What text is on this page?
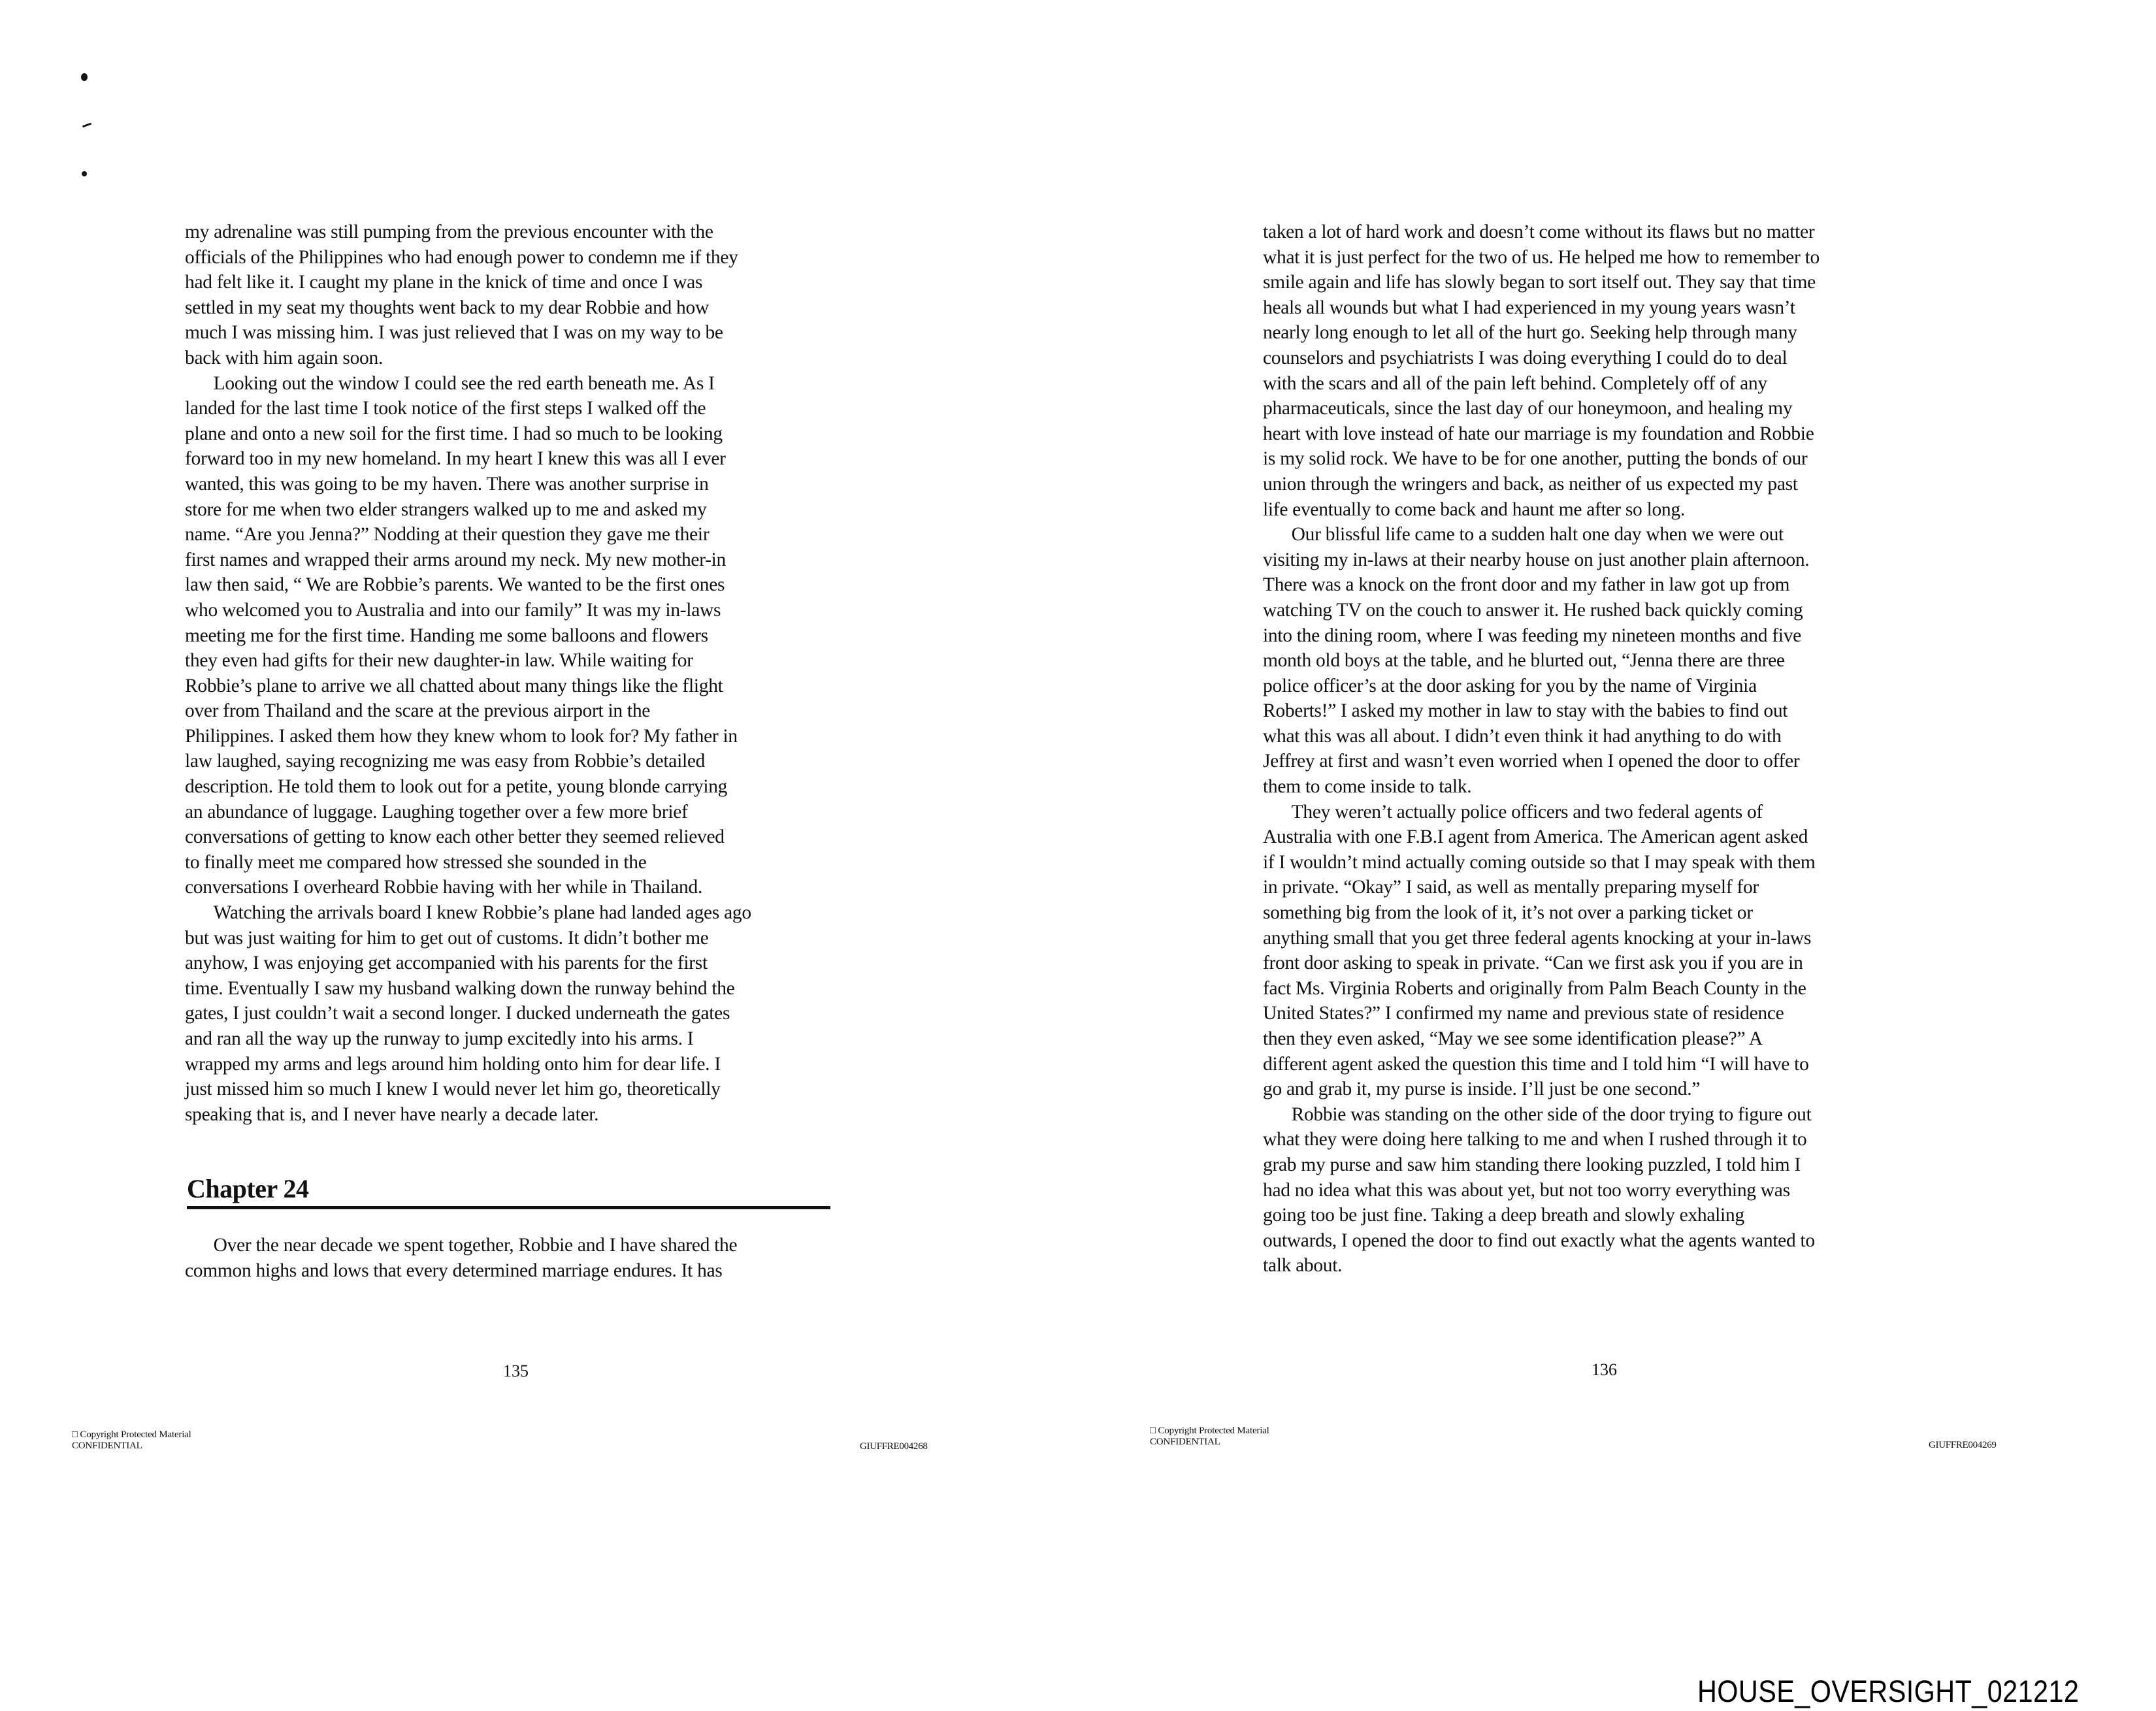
my adrenaline was still pumping from the previous encounter with the
officials of the Philippines who had enough power to condemn me if they
had felt like it. I caught my plane in the knick of time and once I was
settled in my seat my thoughts went back to my dear Robbie and how
much I was missing him. I was just relieved that I was on my way to be
back with him again soon.
  Looking out the window I could see the red earth beneath me. As I
landed for the last time I took notice of the first steps I walked off the
plane and onto a new soil for the first time. I had so much to be looking
forward too in my new homeland. In my heart I knew this was all I ever
wanted, this was going to be my haven. There was another surprise in
store for me when two elder strangers walked up to me and asked my
name. “Are you Jenna?” Nodding at their question they gave me their
first names and wrapped their arms around my neck. My new mother-in
law then said, “ We are Robbie’s parents. We wanted to be the first ones
who welcomed you to Australia and into our family” It was my in-laws
meeting me for the first time. Handing me some balloons and flowers
they even had gifts for their new daughter-in law. While waiting for
Robbie’s plane to arrive we all chatted about many things like the flight
over from Thailand and the scare at the previous airport in the
Philippines. I asked them how they knew whom to look for? My father in
law laughed, saying recognizing me was easy from Robbie’s detailed
description. He told them to look out for a petite, young blonde carrying
an abundance of luggage. Laughing together over a few more brief
conversations of getting to know each other better they seemed relieved
to finally meet me compared how stressed she sounded in the
conversations I overheard Robbie having with her while in Thailand.
  Watching the arrivals board I knew Robbie’s plane had landed ages ago
but was just waiting for him to get out of customs. It didn’t bother me
anyhow, I was enjoying get accompanied with his parents for the first
time. Eventually I saw my husband walking down the runway behind the
gates, I just couldn’t wait a second longer. I ducked underneath the gates
and ran all the way up the runway to jump excitedly into his arms. I
wrapped my arms and legs around him holding onto him for dear life. I
just missed him so much I knew I would never let him go, theoretically
speaking that is, and I never have nearly a decade later.
Chapter 24
  Over the near decade we spent together, Robbie and I have shared the
common highs and lows that every determined marriage endures. It has
135
□ Copyright Protected Material
CONFIDENTIAL	GIUFFRE004268
taken a lot of hard work and doesn’t come without its flaws but no matter
what it is just perfect for the two of us. He helped me how to remember to
smile again and life has slowly began to sort itself out. They say that time
heals all wounds but what I had experienced in my young years wasn’t
nearly long enough to let all of the hurt go. Seeking help through many
counselors and psychiatrists I was doing everything I could do to deal
with the scars and all of the pain left behind. Completely off of any
pharmaceuticals, since the last day of our honeymoon, and healing my
heart with love instead of hate our marriage is my foundation and Robbie
is my solid rock. We have to be for one another, putting the bonds of our
union through the wringers and back, as neither of us expected my past
life eventually to come back and haunt me after so long.
  Our blissful life came to a sudden halt one day when we were out
visiting my in-laws at their nearby house on just another plain afternoon.
There was a knock on the front door and my father in law got up from
watching TV on the couch to answer it. He rushed back quickly coming
into the dining room, where I was feeding my nineteen months and five
month old boys at the table, and he blurted out, “Jenna there are three
police officer’s at the door asking for you by the name of Virginia
Roberts!” I asked my mother in law to stay with the babies to find out
what this was all about. I didn’t even think it had anything to do with
Jeffrey at first and wasn’t even worried when I opened the door to offer
them to come inside to talk.
  They weren’t actually police officers and two federal agents of
Australia with one F.B.I agent from America. The American agent asked
if I wouldn’t mind actually coming outside so that I may speak with them
in private. “Okay” I said, as well as mentally preparing myself for
something big from the look of it, it’s not over a parking ticket or
anything small that you get three federal agents knocking at your in-laws
front door asking to speak in private. “Can we first ask you if you are in
fact Ms. Virginia Roberts and originally from Palm Beach County in the
United States?” I confirmed my name and previous state of residence
then they even asked, “May we see some identification please?” A
different agent asked the question this time and I told him “I will have to
go and grab it, my purse is inside. I’ll just be one second.”
  Robbie was standing on the other side of the door trying to figure out
what they were doing here talking to me and when I rushed through it to
grab my purse and saw him standing there looking puzzled, I told him I
had no idea what this was about yet, but not too worry everything was
going too be just fine. Taking a deep breath and slowly exhaling
outwards, I opened the door to find out exactly what the agents wanted to
talk about.
136
□ Copyright Protected Material
CONFIDENTIAL	GIUFFRE004269
HOUSE_OVERSIGHT_021212
